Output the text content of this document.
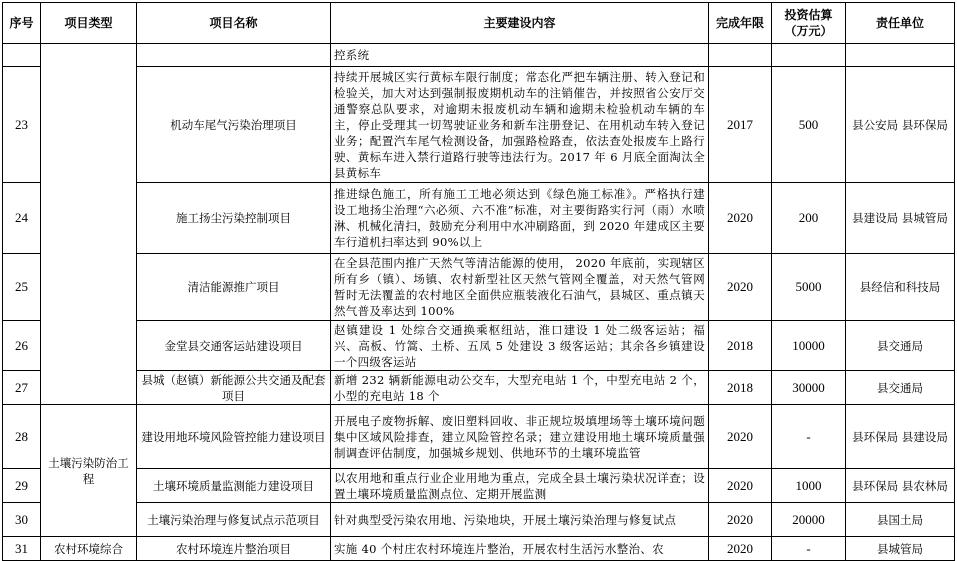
序号	项目类型	项目名称	主要建设内容	完成年限	投资估算（万元）	责任单位
			控系统			
23		机动车尾气污染治理项目	持续开展城区实行黄标车限行制度；常态化严把车辆注册、转入登记和检验关，加大对达到强制报废期机动车的注销催告，并按照省公安厅交通警察总队要求，对逾期未报废机动车辆和逾期未检验机动车辆的车主，停止受理其一切驾驶证业务和新车注册登记、在用机动车转入登记业务；配置汽车尾气检测设备，加强路检路查，依法查处报废车上路行驶、黄标车进入禁行道路行驶等违法行为。2017 年 6 月底全面淘汰全县黄标车	2017	500	县公安局 县环保局
24		施工扬尘污染控制项目	推进绿色施工，所有施工工地必须达到《绿色施工标准》。严格执行建设工地扬尘治理“六必须、六不准”标准，对主要街路实行河（雨）水喷淋、机械化清扫，鼓励充分利用中水冲刷路面，到 2020 年建成区主要车行道机扫率达到 90%以上	2020	200	县建设局 县城管局
25		清洁能源推广项目	在全县范围内推广天然气等清洁能源的使用， 2020 年底前，实现辖区所有乡（镇）、场镇、农村新型社区天然气管网全覆盖，对天然气管网暂时无法覆盖的农村地区全面供应瓶装液化石油气，县城区、重点镇天然气普及率达到 100%	2020	5000	县经信和科技局
26		金堂县交通客运站建设项目	赵镇建设 1 处综合交通换乘枢纽站，淮口建设 1 处二级客运站；福兴、高板、竹篙、土桥、五凤 5 处建设 3 级客运站；其余各乡镇建设一个四级客运站	2018	10000	县交通局
27		县城（赵镇）新能源公共交通及配套项目	新增 232 辆新能源电动公交车，大型充电站 1 个，中型充电站 2 个，小型的充电站 18 个	2018	30000	县交通局
28	土壤污染防治工程	建设用地环境风险管控能力建设项目	开展电子废物拆解、废旧塑料回收、非正规垃圾填埋场等土壤环境问题集中区域风险排查，建立风险管控名录；建立建设用地土壤环境质量强制调查评估制度，加强城乡规划、供地环节的土壤环境监管	2020	-	县环保局 县建设局
29		土壤环境质量监测能力建设项目	以农用地和重点行业企业用地为重点，完成全县土壤污染状况详查；设置土壤环境质量监测点位、定期开展监测	2020	1000	县环保局 县农林局
30		土壤污染治理与修复试点示范项目	针对典型受污染农用地、污染地块，开展土壤污染治理与修复试点	2020	20000	县国土局
31	农村环境综合	农村环境连片整治项目	实施 40 个村庄农村环境连片整治，开展农村生活污水整治、农	2020	-	县城管局
